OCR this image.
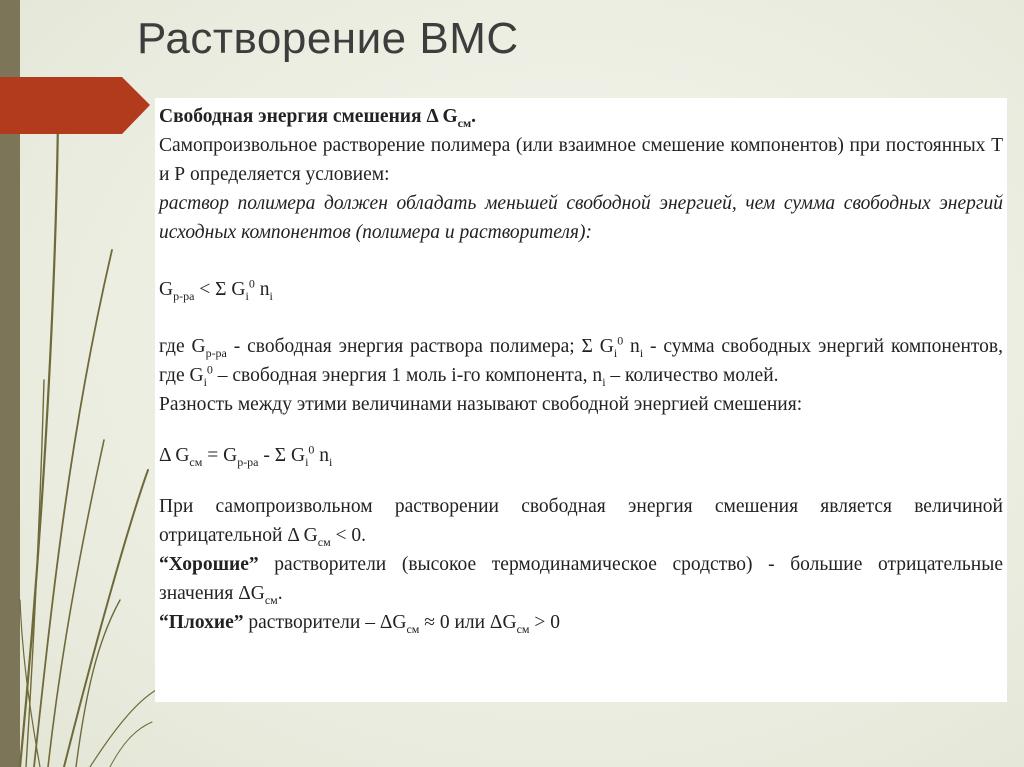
Растворение ВМС

Свободная энергия смешения Δ $G_{см}$.

Самопроизвольное растворение полимера (или взаимное смешение компонентов) при постоянных Т и Р определяется условием:

раствор полимера должен обладать меньшей свободной энергией, чем сумма свободных энергий исходных компонентов (полимера и растворителя):

$G_{р-ра} < \Sigma$ $G_i^0$ $n_i$

где $G_{р-ра}$ - свободная энергия раствора полимера; Σ $G_i^0$ $n_i$ - сумма свободных энергий компонентов, где $G_i^0$ – свободная энергия 1 моль i-го компонента, $n_i$ – количество молей.

Разность между этими величинами называют свободной энергией смешения:

Δ $G_{см} = G_{р-ра} - \Sigma$ $G_i^0$ $n_i$

При самопроизвольном растворении свободная энергия смешения является величиной отрицательной Δ $G_{см} < 0$.

“Хорошие” растворители (высокое термодинамическое сродство) - большие отрицательные значения $\Delta G_{см}$.

“Плохие” растворители – $\Delta G_{см} \approx 0$ или $\Delta G_{см} > 0$
